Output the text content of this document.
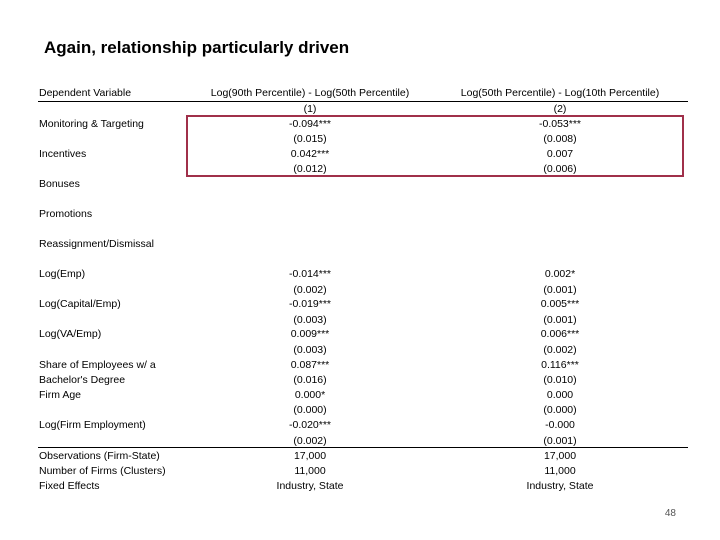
Again, relationship particularly driven
Dependent Variable	Log(90th Percentile) - Log(50th Percentile)	Log(50th Percentile) - Log(10th Percentile)
(1)	(2)
Monitoring & Targeting	-0.094***	-0.053***
(0.015)	(0.008)
Incentives	0.042***	0.007
(0.012)	(0.006)
Bonuses
Promotions
Reassignment/Dismissal
Log(Emp)	-0.014***	0.002*
(0.002)	(0.001)
Log(Capital/Emp)	-0.019***	0.005***
(0.003)	(0.001)
Log(VA/Emp)	0.009***	0.006***
(0.003)	(0.002)
Share of Employees w/ a	0.087***	0.116***
Bachelor's Degree	(0.016)	(0.010)
Firm Age	0.000*	0.000
(0.000)	(0.000)
Log(Firm Employment)	-0.020***	-0.000
(0.002)	(0.001)
Observations (Firm-State)	17,000	17,000
Number of Firms (Clusters)	11,000	11,000
Fixed Effects	Industry, State	Industry, State
48
